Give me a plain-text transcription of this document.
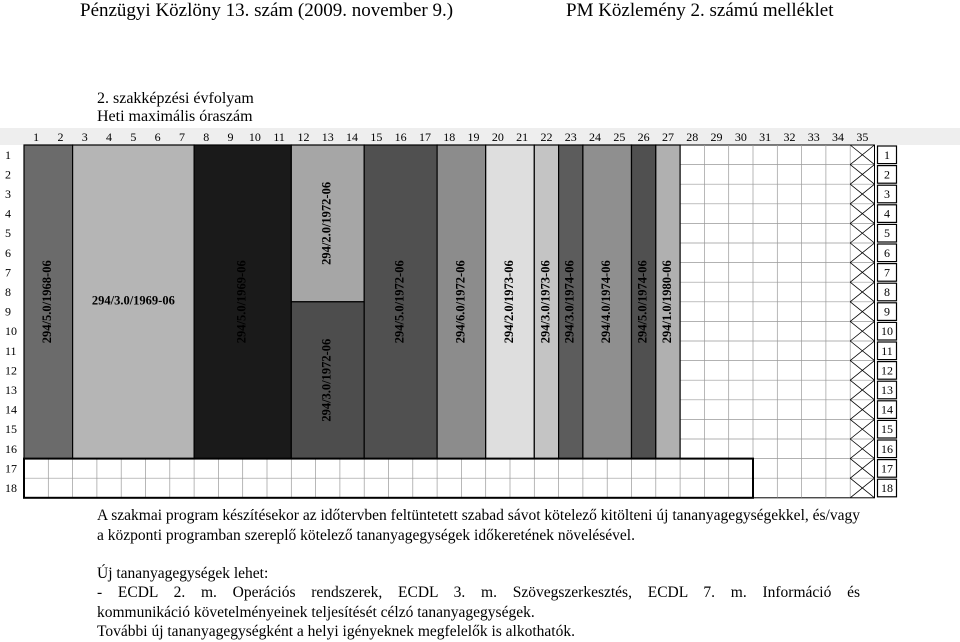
Pénzügyi Közlöny 13. szám (2009. november 9.)	PM Közlemény 2. számú melléklet
2. szakképzési évfolyam
Heti maximális óraszám
294/5.0/1968-06	294/3.0/1969-06	294/5.0/1969-06
294/2.0/1972-06
294/3.0/1972-06
294/5.0/1972-06	294/6.0/1972-06	294/2.0/1973-06 294/3.0/1973-06 294/3.0/1974-06 294/4.0/1974-06 294/5.0/1974-06 294/1.0/1980-06
1 2 3 4 5 6 7 8 9 10 11 12 13 14 15 16 17 18 19 20 21 22 23 24 25 26 27 28 29 30 31 32 33 34 35
1
2
3
4
5
6
7
8
9
10
11
12
13
14
15
16
17
18
1
2
3
4
5
6
7
8
9
10
11
12
13
14
15
16
17
18
A szakmai program készítésekor az időtervben feltüntetett szabad sávot kötelező kitölteni új tananyagegységekkel, és/vagy a központi programban szereplő kötelező tananyagegységek időkeretének növelésével.
Új tananyagegységek lehet:
- ECDL 2. m. Operációs rendszerek, ECDL 3. m. Szövegszerkesztés, ECDL 7. m. Információ és
kommunikáció követelményeinek teljesítését célzó tananyagegységek.
További új tananyagegységként a helyi igényeknek megfelelők is alkothatók.
